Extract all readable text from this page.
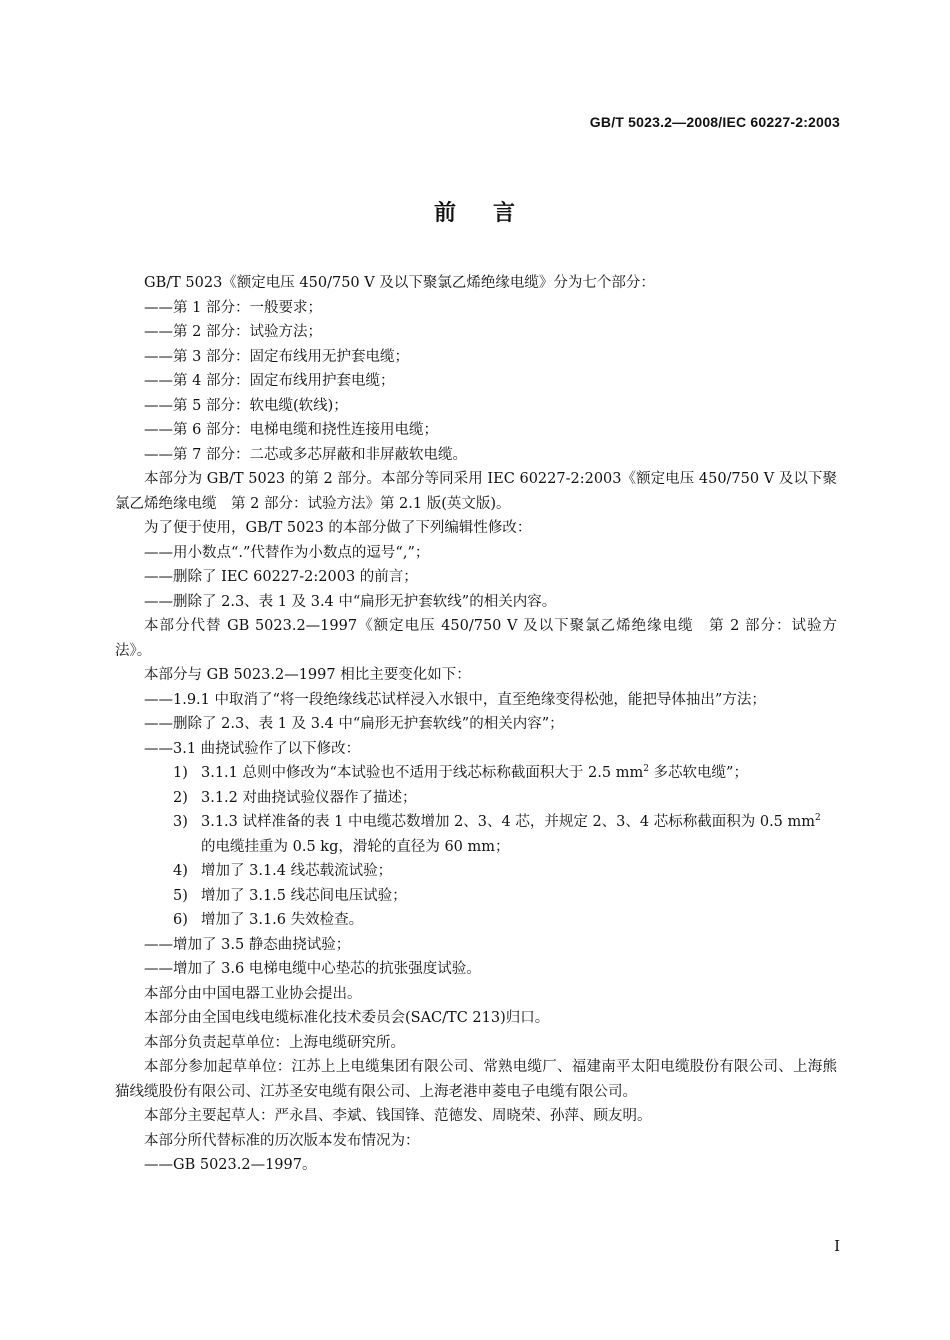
GB/T 5023.2—2008/IEC 60227-2:2003
前 言
GB/T 5023《额定电压 450/750 V 及以下聚氯乙烯绝缘电缆》分为七个部分：
——第 1 部分：一般要求；
——第 2 部分：试验方法；
——第 3 部分：固定布线用无护套电缆；
——第 4 部分：固定布线用护套电缆；
——第 5 部分：软电缆(软线)；
——第 6 部分：电梯电缆和挠性连接用电缆；
——第 7 部分：二芯或多芯屏蔽和非屏蔽软电缆。
本部分为 GB/T 5023 的第 2 部分。本部分等同采用 IEC 60227-2:2003《额定电压 450/750 V 及以下聚氯乙烯绝缘电缆　第 2 部分：试验方法》第 2.1 版(英文版)。
为了便于使用，GB/T 5023 的本部分做了下列编辑性修改：
——用小数点“.”代替作为小数点的逗号“,”；
——删除了 IEC 60227-2:2003 的前言；
——删除了 2.3、表 1 及 3.4 中“扁形无护套软线”的相关内容。
本部分代替 GB 5023.2—1997《额定电压 450/750 V 及以下聚氯乙烯绝缘电缆　第 2 部分：试验方法》。
本部分与 GB 5023.2—1997 相比主要变化如下：
——1.9.1 中取消了“将一段绝缘线芯试样浸入水银中，直至绝缘变得松弛，能把导体抽出”方法；
——删除了 2.3、表 1 及 3.4 中“扁形无护套软线”的相关内容”；
——3.1 曲挠试验作了以下修改：
1) 3.1.1 总则中修改为“本试验也不适用于线芯标称截面积大于 2.5 $mm^2$ 多芯软电缆”；
2) 3.1.2 对曲挠试验仪器作了描述；
3) 3.1.3 试样准备的表 1 中电缆芯数增加 2、3、4 芯，并规定 2、3、4 芯标称截面积为 0.5 $mm^2$ 的电缆挂重为 0.5 kg，滑轮的直径为 60 mm；
4) 增加了 3.1.4 线芯载流试验；
5) 增加了 3.1.5 线芯间电压试验；
6) 增加了 3.1.6 失效检查。
——增加了 3.5 静态曲挠试验；
——增加了 3.6 电梯电缆中心垫芯的抗张强度试验。
本部分由中国电器工业协会提出。
本部分由全国电线电缆标准化技术委员会(SAC/TC 213)归口。
本部分负责起草单位：上海电缆研究所。
本部分参加起草单位：江苏上上电缆集团有限公司、常熟电缆厂、福建南平太阳电缆股份有限公司、上海熊猫线缆股份有限公司、江苏圣安电缆有限公司、上海老港申菱电子电缆有限公司。
本部分主要起草人：严永昌、李斌、钱国锋、范德发、周晓荣、孙萍、顾友明。
本部分所代替标准的历次版本发布情况为：
——GB 5023.2—1997。
I
